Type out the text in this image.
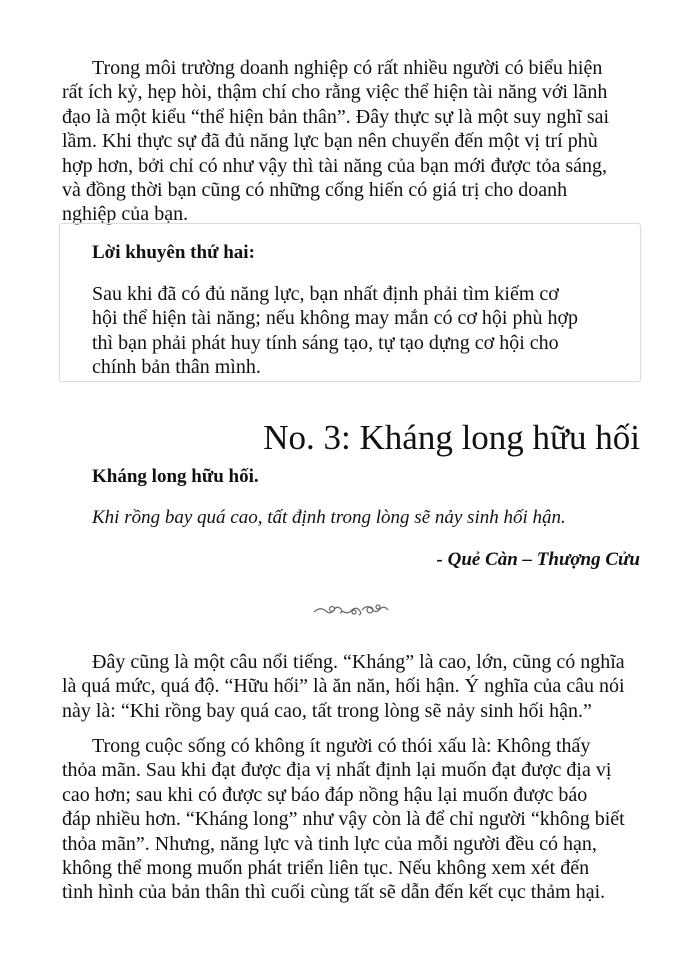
Trong môi trường doanh nghiệp có rất nhiều người có biểu hiện
rất ích kỷ, hẹp hòi, thậm chí cho rằng việc thể hiện tài năng với lãnh
đạo là một kiểu “thể hiện bản thân”. Đây thực sự là một suy nghĩ sai
lầm. Khi thực sự đã đủ năng lực bạn nên chuyển đến một vị trí phù
hợp hơn, bởi chỉ có như vậy thì tài năng của bạn mới được tỏa sáng,
và đồng thời bạn cũng có những cống hiến có giá trị cho doanh
nghiệp của bạn.
Lời khuyên thứ hai:
Sau khi đã có đủ năng lực, bạn nhất định phải tìm kiếm cơ
hội thể hiện tài năng; nếu không may mắn có cơ hội phù hợp
thì bạn phải phát huy tính sáng tạo, tự tạo dựng cơ hội cho
chính bản thân mình.
No. 3: Kháng long hữu hối
Kháng long hữu hối.
Khi rồng bay quá cao, tất định trong lòng sẽ nảy sinh hối hận.
- Quẻ Càn – Thượng Cửu
Đây cũng là một câu nổi tiếng. “Kháng” là cao, lớn, cũng có nghĩa
là quá mức, quá độ. “Hữu hối” là ăn năn, hối hận. Ý nghĩa của câu nói
này là: “Khi rồng bay quá cao, tất trong lòng sẽ nảy sinh hối hận.”
Trong cuộc sống có không ít người có thói xấu là: Không thấy
thỏa mãn. Sau khi đạt được địa vị nhất định lại muốn đạt được địa vị
cao hơn; sau khi có được sự báo đáp nồng hậu lại muốn được báo
đáp nhiều hơn. “Kháng long” như vậy còn là để chỉ người “không biết
thỏa mãn”. Nhưng, năng lực và tinh lực của mỗi người đều có hạn,
không thể mong muốn phát triển liên tục. Nếu không xem xét đến
tình hình của bản thân thì cuối cùng tất sẽ dẫn đến kết cục thảm hại.
